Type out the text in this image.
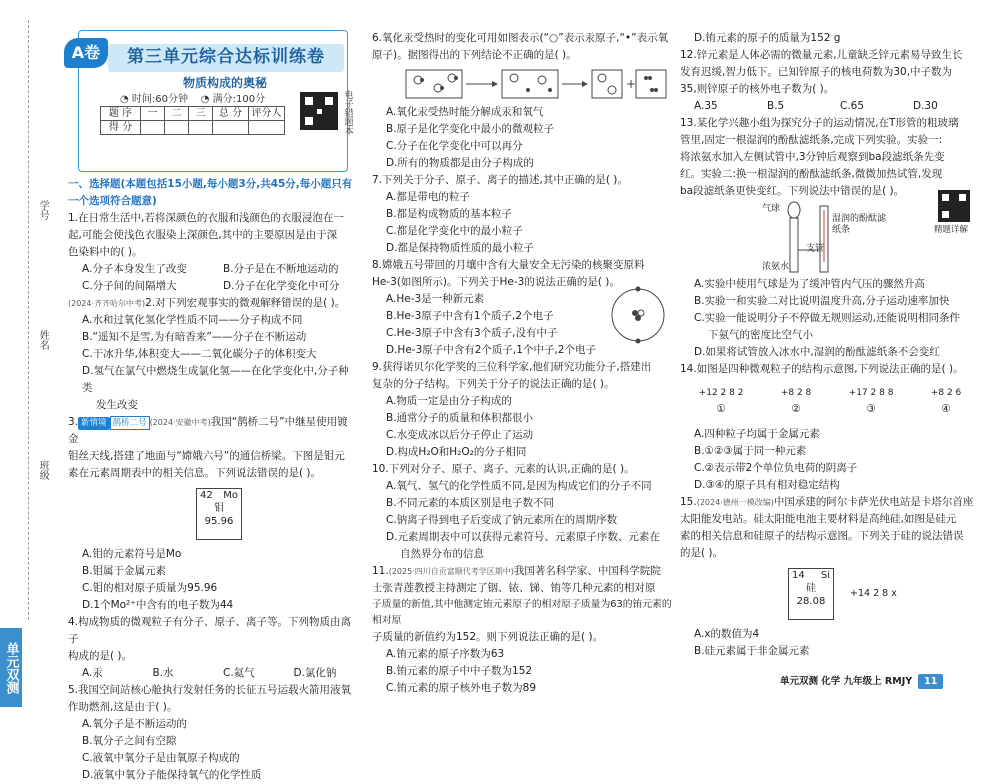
学号
姓名
班级
单元双测
A卷	第三单元综合达标训练卷
物质构成的奥秘
◔ 时间:60分钟 ◔ 满分:100分
题 序	一	二	三	总 分	评分人
得 分						电子错题本
一、选择题(本题包括15小题,每小题3分,共45分,每小题只有
一个选项符合题意)
1.在日常生活中,若将深颜色的衣服和浅颜色的衣服浸泡在一
起,可能会使浅色衣服染上深颜色,其中的主要原因是由于深
色染料中的( )。
A.分子本身发生了改变	B.分子是在不断地运动的
C.分子间的间隔增大	D.分子在化学变化中可分
(2024·齐齐哈尔中考)2.对下列宏观事实的微观解释错误的是( )。
A.水和过氧化氢化学性质不同——分子构成不同
B.“遥知不是雪,为有暗香来”——分子在不断运动
C.干冰升华,体积变大——二氧化碳分子的体积变大
D.氢气在氯气中燃烧生成氯化氢——在化学变化中,分子种类
发生改变
3. 新情境 鹊桥二号 (2024·安徽中考)我国“鹊桥二号”中继星使用镀金
钼丝天线,搭建了地面与“嫦娥六号”的通信桥梁。下图是钼元
素在元素周期表中的相关信息。下列说法错误的是( )。
42 Mo
钼
95.96
A.钼的元素符号是Mo
B.钼属于金属元素
C.钼的相对原子质量为95.96
D.1个Mo²⁺中含有的电子数为44
4.构成物质的微观粒子有分子、原子、离子等。下列物质由离子
构成的是( )。
A.汞	B.水	C.氦气	D.氯化钠
5.我国空间站核心舱执行发射任务的长征五号运载火箭用液氧
作助燃剂,这是由于( )。
A.氧分子是不断运动的
B.氧分子之间有空隙
C.液氧中氧分子是由氧原子构成的
D.液氧中氧分子能保持氧气的化学性质
6.氧化汞受热时的变化可用如图表示(“○”表示汞原子,“•”表示氧
原子)。据图得出的下列结论不正确的是( )。
+
A.氧化汞受热时能分解成汞和氧气
B.原子是化学变化中最小的微观粒子
C.分子在化学变化中可以再分
D.所有的物质都是由分子构成的
7.下列关于分子、原子、离子的描述,其中正确的是( )。
A.都是带电的粒子
B.都是构成物质的基本粒子
C.都是化学变化中的最小粒子
D.都是保持物质性质的最小粒子
8.嫦娥五号带回的月壤中含有大量安全无污染的核聚变原料
He-3(如图所示)。下列关于He-3的说法正确的是( )。
A.He-3是一种新元素
B.He-3原子中含有1个质子,2个电子
C.He-3原子中含有3个质子,没有中子
D.He-3原子中含有2个质子,1个中子,2个电子
9.获得诺贝尔化学奖的三位科学家,他们研究功能分子,搭建出
复杂的分子结构。下列关于分子的说法正确的是( )。
A.物质一定是由分子构成的
B.通常分子的质量和体积都很小
C.水变成冰以后分子停止了运动
D.构成H₂O和H₂O₂的分子相同
10.下列对分子、原子、离子、元素的认识,正确的是( )。
A.氧气、氢气的化学性质不同,是因为构成它们的分子不同
B.不同元素的本质区别是电子数不同
C.钠离子得到电子后变成了钠元素所在的周期序数
D.元素周期表中可以获得元素符号、元素原子序数、元素在
自然界分布的信息
11.(2025·四川自贡富顺代考学区期中)我国著名科学家、中国科学院院
士张青莲教授主持测定了铟、铱、锑、铕等几种元素的相对原
子质量的新值,其中他测定铕元素原子的相对原子质量为63的铕元素的相对原
子质量的新值约为152。则下列说法正确的是( )。
A.铕元素的原子序数为63
B.铕元素的原子中中子数为152
C.铕元素的原子核外电子数为89
D.铕元素的原子的质量为152 g
12.锌元素是人体必需的微量元素,儿童缺乏锌元素易导致生长
发育迟缓,智力低下。已知锌原子的核电荷数为30,中子数为
35,则锌原子的核外电子数为( )。
A.35	B.5	C.65	D.30
13.某化学兴趣小组为探究分子的运动情况,在T形管的粗玻璃
管里,固定一根湿润的酚酞滤纸条,完成下列实验。实验一:
将浓氨水加入左侧试管中,3分钟后观察到ba段滤纸条先变
红。实验二:换一根湿润的酚酞滤纸条,微微加热试管,发现
ba段滤纸条更快变红。下列说法中错误的是( )。
气球
湿润的酚酞滤纸条
支管
浓氨水
精题详解
A.实验中使用气球是为了缓冲管内气压的骤然升高
B.实验一和实验二对比说明温度升高,分子运动速率加快
C.实验一能说明分子不停做无规则运动,还能说明相同条件
下氨气的密度比空气小
D.如果将试管放入冰水中,湿润的酚酞滤纸条不会变红
14.如图是四种微观粒子的结构示意图,下列说法正确的是( )。
+12 2 8 2
①
+8 2 8
②
+17 2 8 8
③
+8 2 6
④
A.四种粒子均属于金属元素
B.①②③属于同一种元素
C.②表示带2个单位负电荷的阴离子
D.③④的原子具有相对稳定结构
15.(2024·德州一模改编)中国承建的阿尔卡萨光伏电站是卡塔尔首座
太阳能发电站。硅太阳能电池主要材料是高纯硅,如图是硅元
素的相关信息和硅原子的结构示意图。下列关于硅的说法错误
的是( )。
14 Si
硅
28.08
+14 2 8 x
A.x的数值为4
B.硅元素属于非金属元素
单元双测 化学 九年级上 RMJY	11
